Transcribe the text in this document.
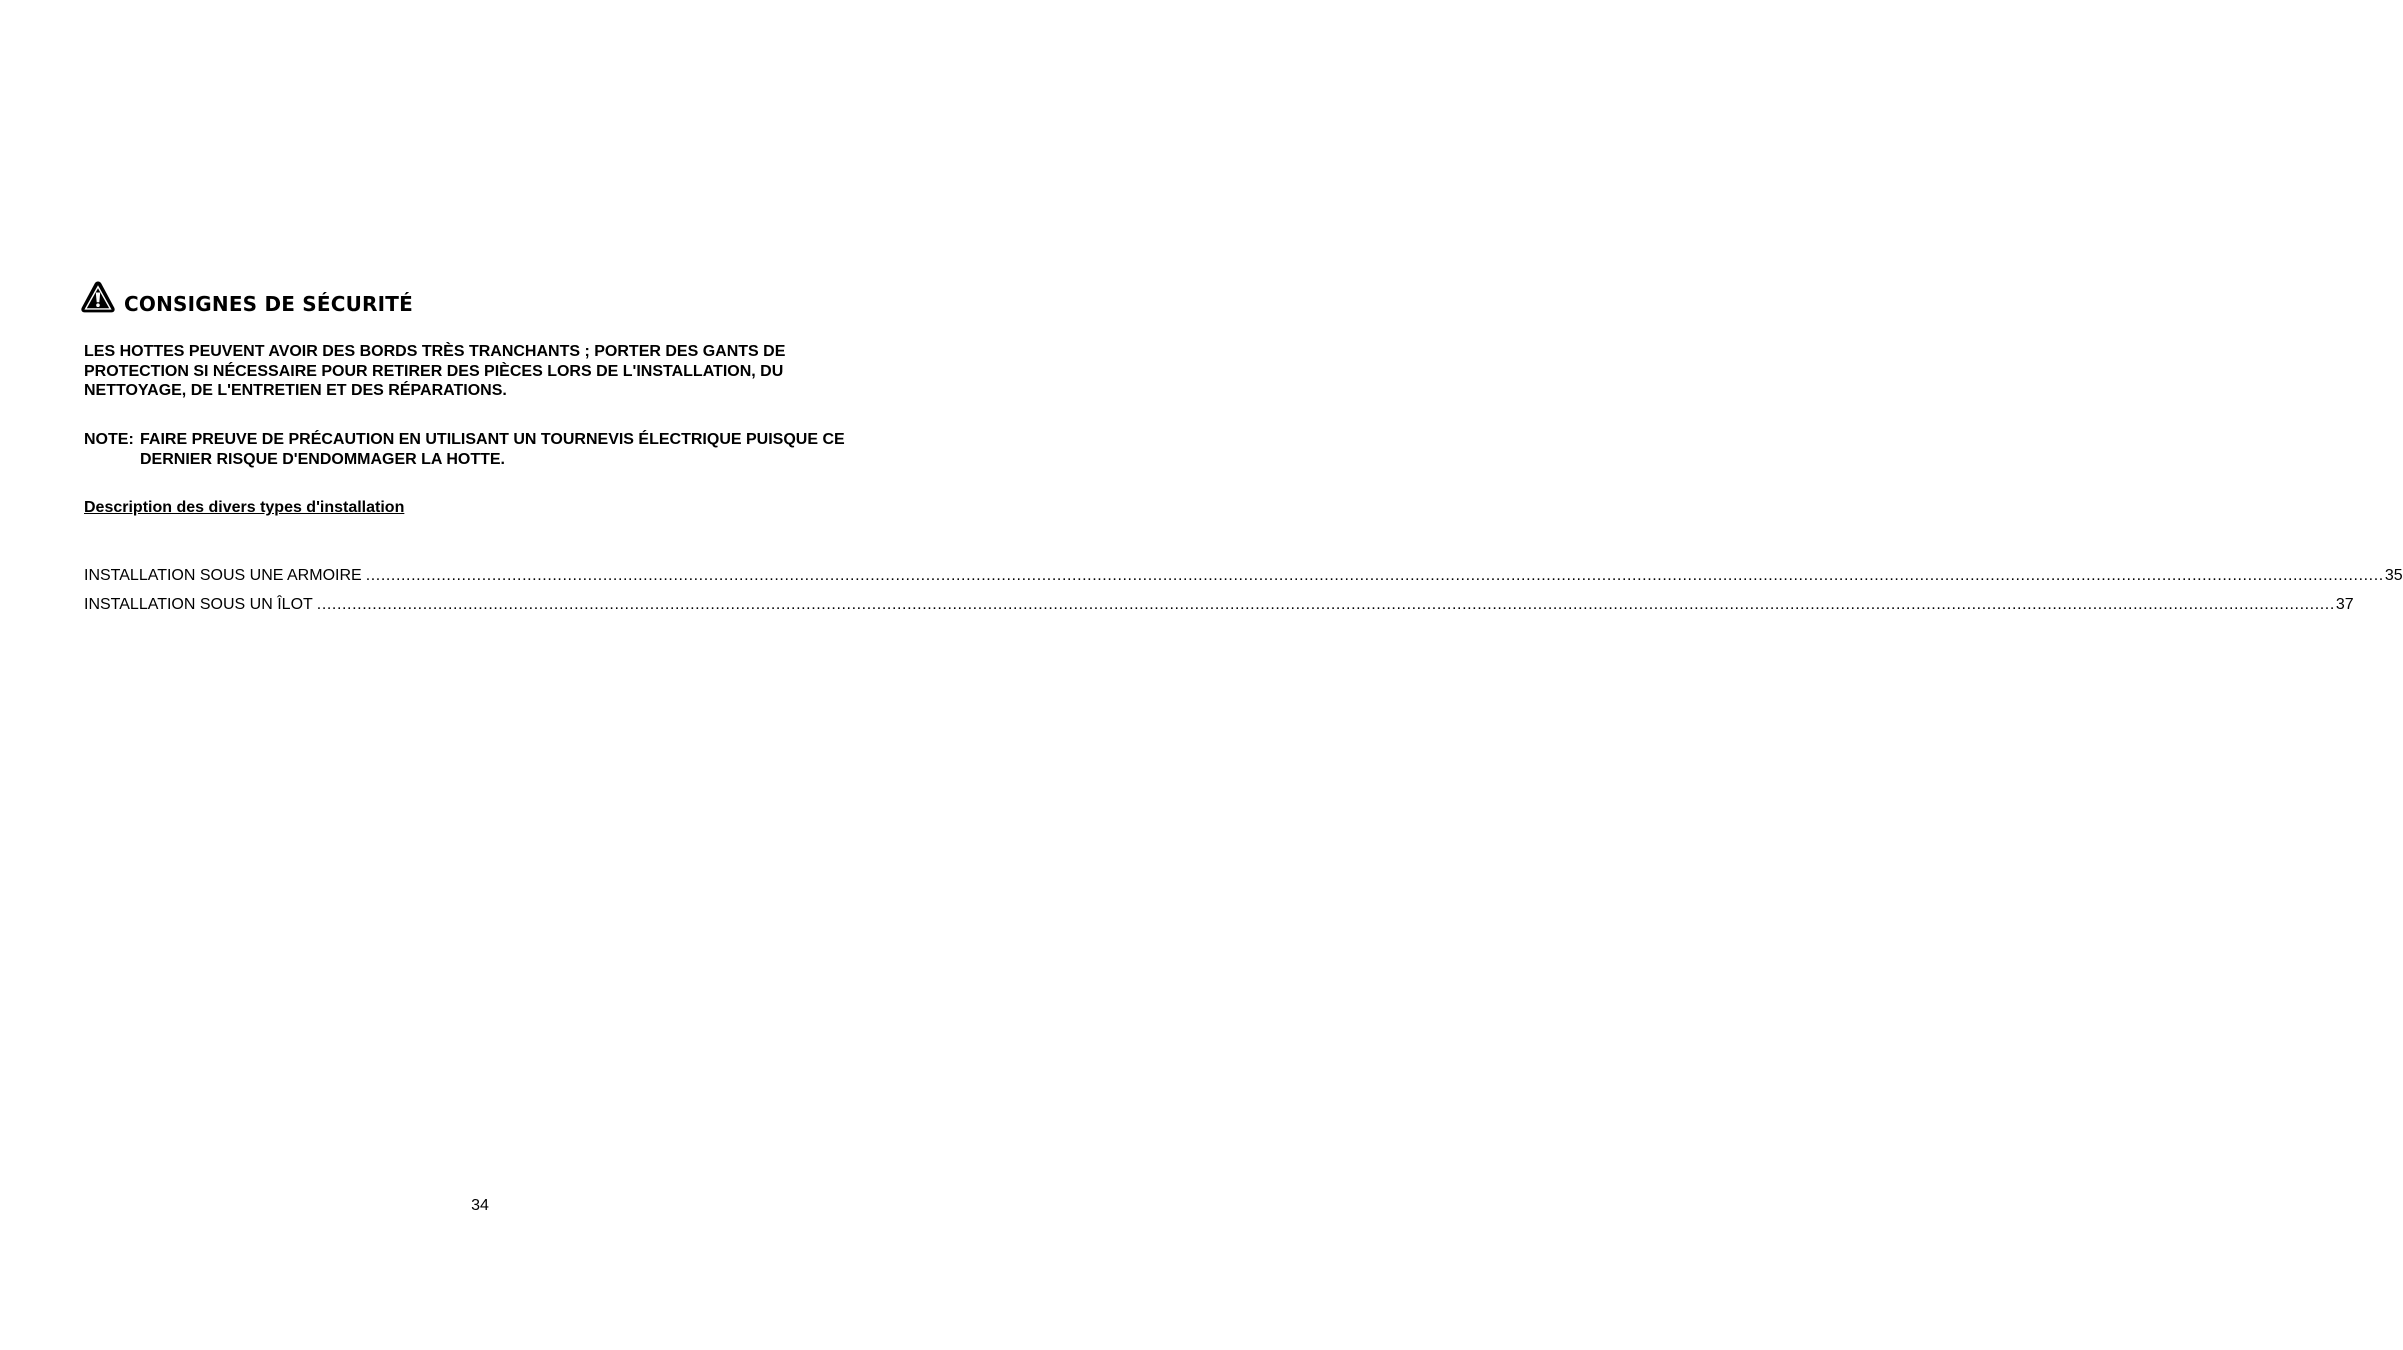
CONSIGNES DE SÉCURITÉ

LES HOTTES PEUVENT AVOIR DES BORDS TRÈS TRANCHANTS ; PORTER DES GANTS DE PROTECTION SI NÉCESSAIRE POUR RETIRER DES PIÈCES LORS DE L'INSTALLATION, DU NETTOYAGE, DE L'ENTRETIEN ET DES RÉPARATIONS.

NOTE: FAIRE PREUVE DE PRÉCAUTION EN UTILISANT UN TOURNEVIS ÉLECTRIQUE PUISQUE CE DERNIER RISQUE D'ENDOMMAGER LA HOTTE.
Description des divers types d'installation
INSTALLATION SOUS UNE ARMOIRE ................................................................................................................................................................................................................................................................................................................................................................................................................ 35
INSTALLATION SOUS UN ÎLOT ................................................................................................................................................................................................................................................................................................................................................................................................................ 37
34
